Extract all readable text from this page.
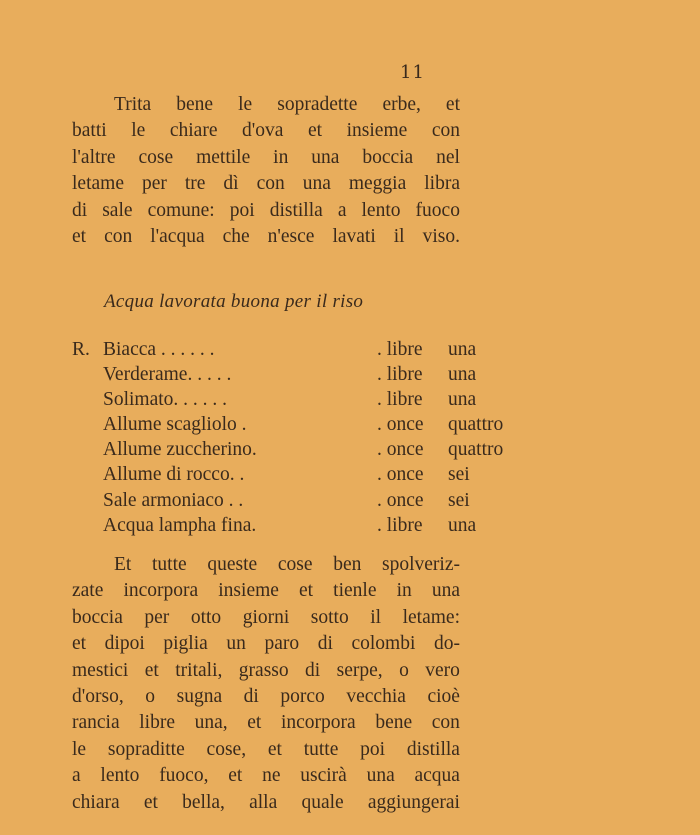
11
Trita bene le sopradette erbe, et
batti le chiare d'ova et insieme con
l'altre cose mettile in una boccia nel
letame per tre dì con una meggia libra
di sale comune: poi distilla a lento fuoco
et con l'acqua che n'esce lavati il viso.
Acqua lavorata buona per il riso
R. Biacca . . . . . .	. libre una
Verderame. . . . .	. libre una
Solimato. . . . . .	. libre una
Allume scagliolo .	. once quattro
Allume zuccherino.	. once quattro
Allume di rocco. .	. once sei
Sale armoniaco . .	. once sei
Acqua lampha fina.	. libre una
Et tutte queste cose ben spolveriz-
zate incorpora insieme et tienle in una
boccia per otto giorni sotto il letame:
et dipoi piglia un paro di colombi do-
mestici et tritali, grasso di serpe, o vero
d'orso, o sugna di porco vecchia cioè
rancia libre una, et incorpora bene con
le sopraditte cose, et tutte poi distilla
a lento fuoco, et ne uscirà una acqua
chiara et bella, alla quale aggiungerai
